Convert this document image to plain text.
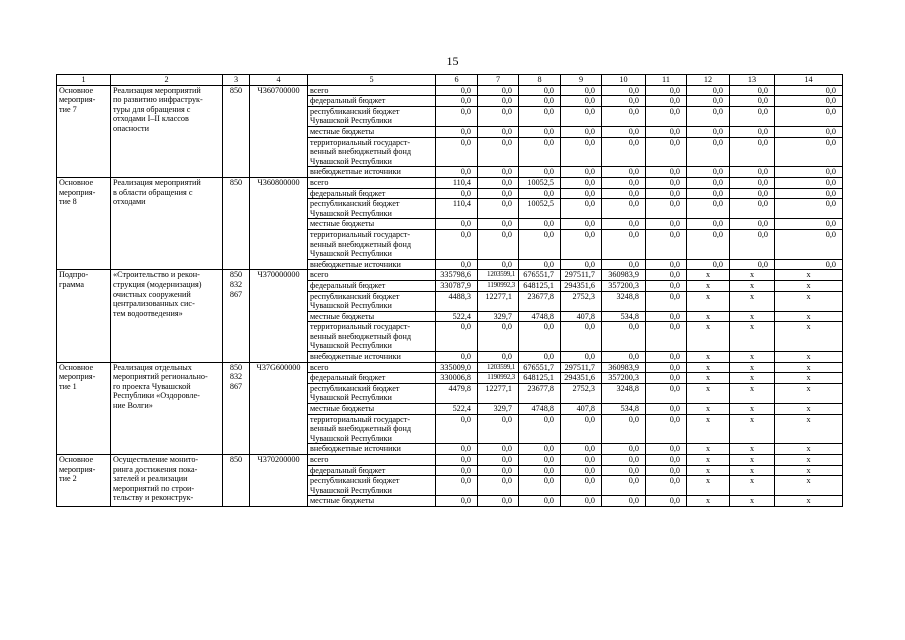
15
1	2	3	4	5	6	7	8	9	10	11	12	13	14

Основное
мероприя-
тие 7	Реализация мероприятий
по развитию инфраструк-
туры для обращения с
отходами I–II классов
опасности	850	Ч360700000	всего	0,0	0,0	0,0	0,0	0,0	0,0	0,0	0,0	0,0

				федеральный бюджет	0,0	0,0	0,0	0,0	0,0	0,0	0,0	0,0	0,0

				республиканский бюджет
Чувашской Республики	0,0	0,0	0,0	0,0	0,0	0,0	0,0	0,0	0,0

				местные бюджеты	0,0	0,0	0,0	0,0	0,0	0,0	0,0	0,0	0,0

				территориальный государст-
венный внебюджетный фонд
Чувашской Республики	0,0	0,0	0,0	0,0	0,0	0,0	0,0	0,0	0,0

				внебюджетные источники	0,0	0,0	0,0	0,0	0,0	0,0	0,0	0,0	0,0

Основное
мероприя-
тие 8	Реализация мероприятий
в области обращения с
отходами	850	Ч360800000	всего	110,4	0,0	10052,5	0,0	0,0	0,0	0,0	0,0	0,0

				федеральный бюджет	0,0	0,0	0,0	0,0	0,0	0,0	0,0	0,0	0,0

				республиканский бюджет
Чувашской Республики	110,4	0,0	10052,5	0,0	0,0	0,0	0,0	0,0	0,0

				местные бюджеты	0,0	0,0	0,0	0,0	0,0	0,0	0,0	0,0	0,0

				территориальный государст-
венный внебюджетный фонд
Чувашской Республики	0,0	0,0	0,0	0,0	0,0	0,0	0,0	0,0	0,0

				внебюджетные источники	0,0	0,0	0,0	0,0	0,0	0,0	0,0	0,0	0,0

Подпро-
грамма	«Строительство и рекон-
струкция (модернизация)
очистных сооружений
централизованных сис-
тем водоотведения»	850
832
867	Ч370000000	всего	335798,6	1203599,1	676551,7	297511,7	360983,9	0,0	x	x	x

				федеральный бюджет	330787,9	1190992,3	648125,1	294351,6	357200,3	0,0	x	x	x

				республиканский бюджет
Чувашской Республики	4488,3	12277,1	23677,8	2752,3	3248,8	0,0	x	x	x

				местные бюджеты	522,4	329,7	4748,8	407,8	534,8	0,0	x	x	x

				территориальный государст-
венный внебюджетный фонд
Чувашской Республики	0,0	0,0	0,0	0,0	0,0	0,0	x	x	x

				внебюджетные источники	0,0	0,0	0,0	0,0	0,0	0,0	x	x	x

Основное
мероприя-
тие 1	Реализация отдельных
мероприятий регионально-
го проекта Чувашской
Республики «Оздоровле-
ние Волги»	850
832
867	Ч37G600000	всего	335009,0	1203599,1	676551,7	297511,7	360983,9	0,0	x	x	x

				федеральный бюджет	330006,8	1190992,3	648125,1	294351,6	357200,3	0,0	x	x	x

				республиканский бюджет
Чувашской Республики	4479,8	12277,1	23677,8	2752,3	3248,8	0,0	x	x	x

				местные бюджеты	522,4	329,7	4748,8	407,8	534,8	0,0	x	x	x

				территориальный государст-
венный внебюджетный фонд
Чувашской Республики	0,0	0,0	0,0	0,0	0,0	0,0	x	x	x

				внебюджетные источники	0,0	0,0	0,0	0,0	0,0	0,0	x	x	x

Основное
мероприя-
тие 2	Осуществление монито-
ринга достижения пока-
зателей и реализации
мероприятий по строи-
тельству и реконструк-	850	Ч370200000	всего	0,0	0,0	0,0	0,0	0,0	0,0	x	x	x

				федеральный бюджет	0,0	0,0	0,0	0,0	0,0	0,0	x	x	x

				республиканский бюджет
Чувашской Республики	0,0	0,0	0,0	0,0	0,0	0,0	x	x	x

				местные бюджеты	0,0	0,0	0,0	0,0	0,0	0,0	x	x	x
